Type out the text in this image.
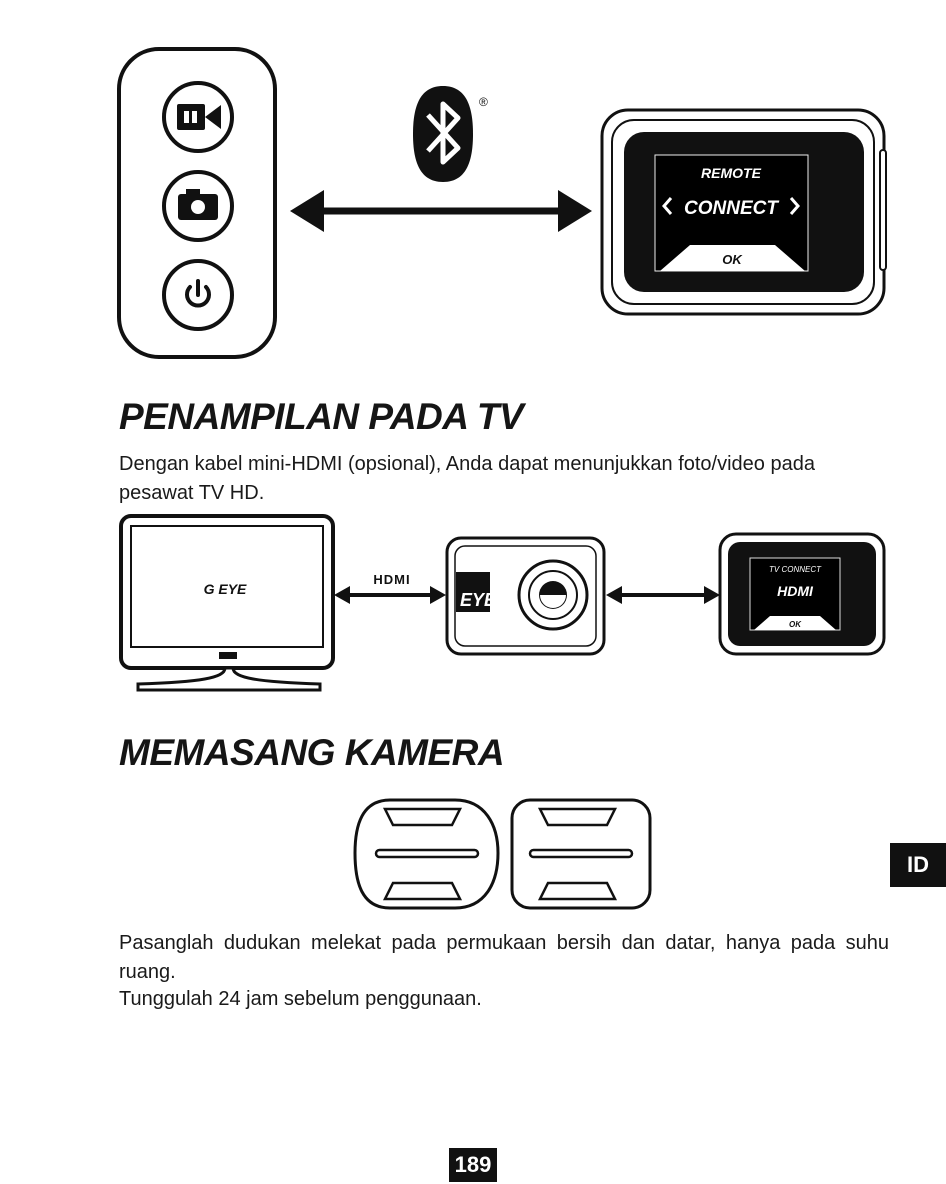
®
REMOTE
CONNECT
OK
PENAMPILAN PADA TV
Dengan kabel mini-HDMI (opsional), Anda dapat menunjukkan foto/video pada pesawat TV HD.
G EYE
HDMI
EYE
TV CONNECT
HDMI
OK
MEMASANG KAMERA
Pasanglah dudukan melekat pada permukaan bersih dan datar, hanya pada suhu ruang.
Tunggulah 24 jam sebelum penggunaan.
ID
189
